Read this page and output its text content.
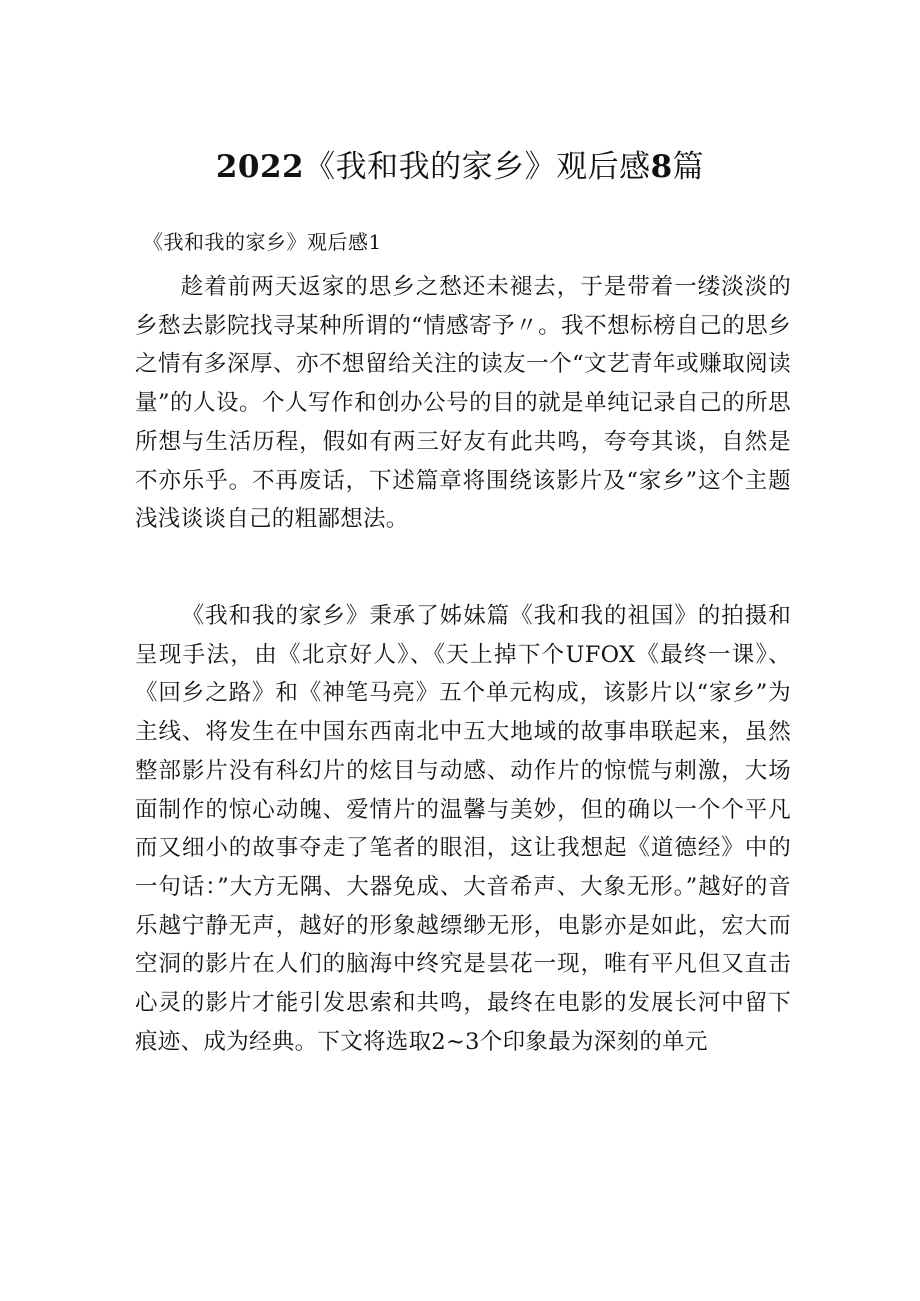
2022《我和我的家乡》观后感8篇

《我和我的家乡》观后感1

趁着前两天返家的思乡之愁还未褪去，于是带着一缕淡淡的乡愁去影院找寻某种所谓的“情感寄予〃。我不想标榜自己的思乡之情有多深厚、亦不想留给关注的读友一个“文艺青年或赚取阅读量”的人设。个人写作和创办公号的目的就是单纯记录自己的所思所想与生活历程，假如有两三好友有此共鸣，夸夸其谈，自然是不亦乐乎。不再废话，下述篇章将围绕该影片及“家乡”这个主题浅浅谈谈自己的粗鄙想法。

《我和我的家乡》秉承了姊妹篇《我和我的祖国》的拍摄和呈现手法，由《北京好人》、《天上掉下个UFOX《最终一课》、《回乡之路》和《神笔马亮》五个单元构成，该影片以“家乡”为主线、将发生在中国东西南北中五大地域的故事串联起来，虽然整部影片没有科幻片的炫目与动感、动作片的惊慌与刺激，大场面制作的惊心动魄、爱情片的温馨与美妙，但的确以一个个平凡而又细小的故事夺走了笔者的眼泪，这让我想起《道德经》中的一句话：”大方无隅、大器免成、大音希声、大象无形。”越好的音乐越宁静无声，越好的形象越缥缈无形，电影亦是如此，宏大而空洞的影片在人们的脑海中终究是昙花一现，唯有平凡但又直击心灵的影片才能引发思索和共鸣，最终在电影的发展长河中留下痕迹、成为经典。下文将选取2~3个印象最为深刻的单元
